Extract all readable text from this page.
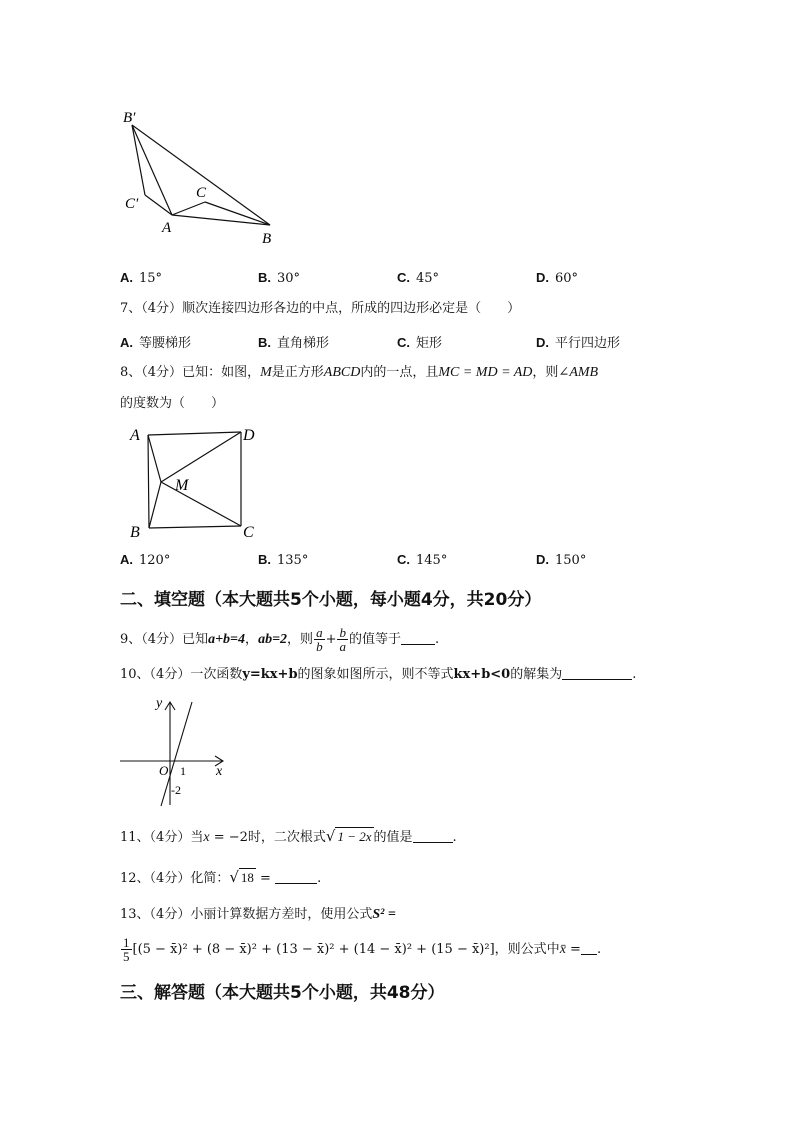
B′
C′
C
A
B
A. 15°	B. 30°	C. 45°	D. 60°
7、（4分）顺次连接四边形各边的中点，所成的四边形必定是（　　）
A. 等腰梯形	B. 直角梯形	C. 矩形	D. 平行四边形
8、（4分）已知：如图，M是正方形ABCD内的一点，且MC = MD = AD，则∠AMB
的度数为（　　）
A	D
M
B	C
A. 120°	B. 135°	C. 145°	D. 150°
二、填空题（本大题共5个小题，每小题4分，共20分）
9、（4分）已知a+b=4，ab=2，则 $\frac{a}{b} + \frac{b}{a}$ 的值等于	.
10、（4分）一次函数y=kx+b的图象如图所示，则不等式kx+b<0的解集为	.
y
x
O 1
-2
11、（4分）当x = −2时，二次根式√ 1 − 2x 的值是	.
12、（4分）化简：√ 18 =	.
13、（4分）小丽计算数据方差时，使用公式S² =
$\frac{1}{5} [(5$ − x̄)² + (8 − x̄)² + (13 − x̄)² + (14 − x̄)² + (15 − x̄)²]，则公式中x̄ = .
三、解答题（本大题共5个小题，共48分）
